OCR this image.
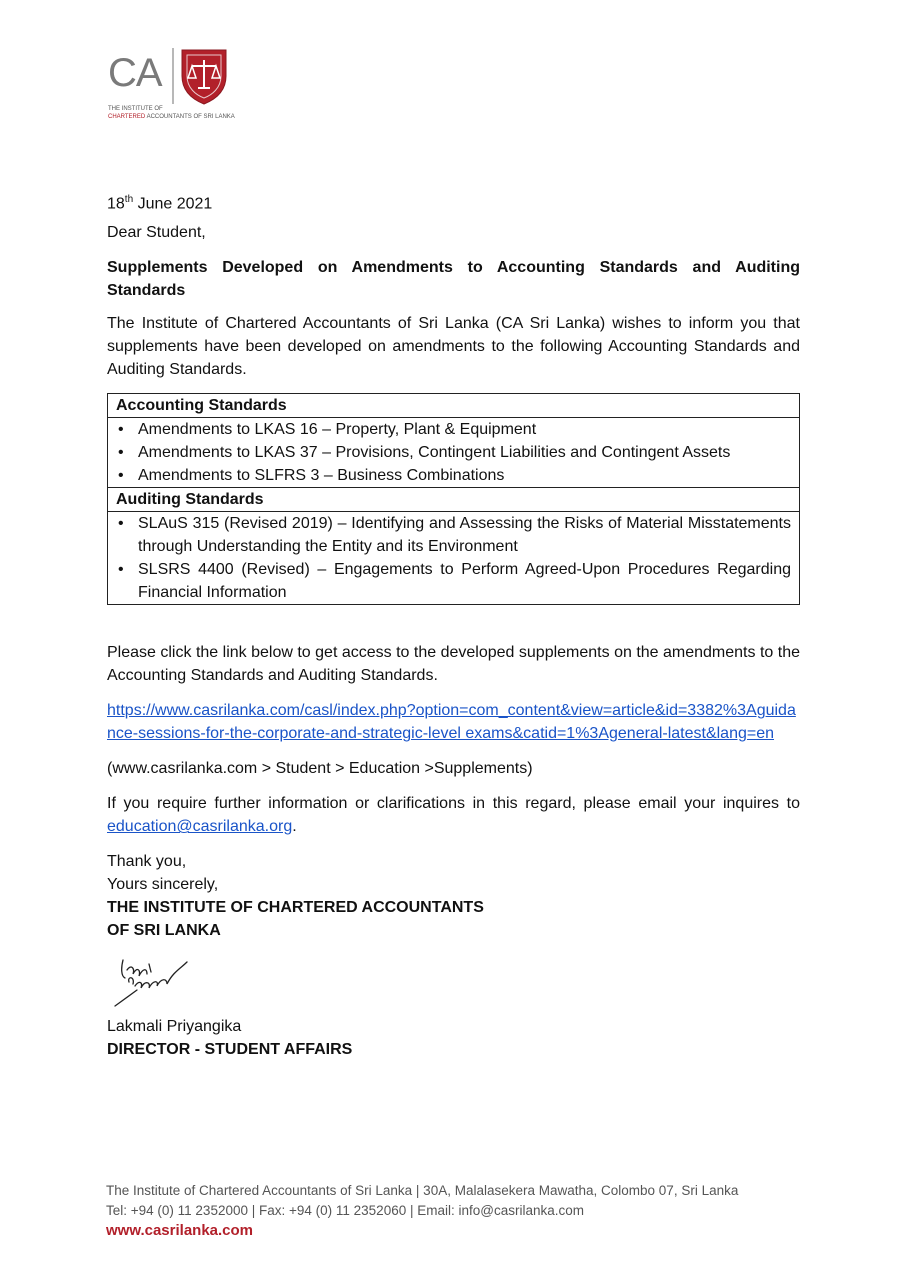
CA
THE INSTITUTE OF
CHARTERED ACCOUNTANTS OF SRI LANKA

18th June 2021

Dear Student,

Supplements Developed on Amendments to Accounting Standards and Auditing Standards

The Institute of Chartered Accountants of Sri Lanka (CA Sri Lanka) wishes to inform you that supplements have been developed on amendments to the following Accounting Standards and Auditing Standards.

Accounting Standards

• Amendments to LKAS 16 – Property, Plant & Equipment
• Amendments to LKAS 37 – Provisions, Contingent Liabilities and Contingent Assets
• Amendments to SLFRS 3 – Business Combinations

Auditing Standards

• SLAuS 315 (Revised 2019) – Identifying and Assessing the Risks of Material Misstatements through Understanding the Entity and its Environment
• SLSRS 4400 (Revised) – Engagements to Perform Agreed-Upon Procedures Regarding Financial Information

Please click the link below to get access to the developed supplements on the amendments to the Accounting Standards and Auditing Standards.

https://www.casrilanka.com/casl/index.php?option=com_content&view=article&id=3382%3Aguidance-sessions-for-the-corporate-and-strategic-level exams&catid=1%3Ageneral-latest&lang=en

(www.casrilanka.com > Student > Education >Supplements)

If you require further information or clarifications in this regard, please email your inquires to education@casrilanka.org.

Thank you,

Yours sincerely,

THE INSTITUTE OF CHARTERED ACCOUNTANTS

OF SRI LANKA

Lakmali Priyangika

DIRECTOR - STUDENT AFFAIRS

The Institute of Chartered Accountants of Sri Lanka | 30A, Malalasekera Mawatha, Colombo 07, Sri Lanka
Tel: +94 (0) 11 2352000 | Fax: +94 (0) 11 2352060 | Email: info@casrilanka.com
www.casrilanka.com
